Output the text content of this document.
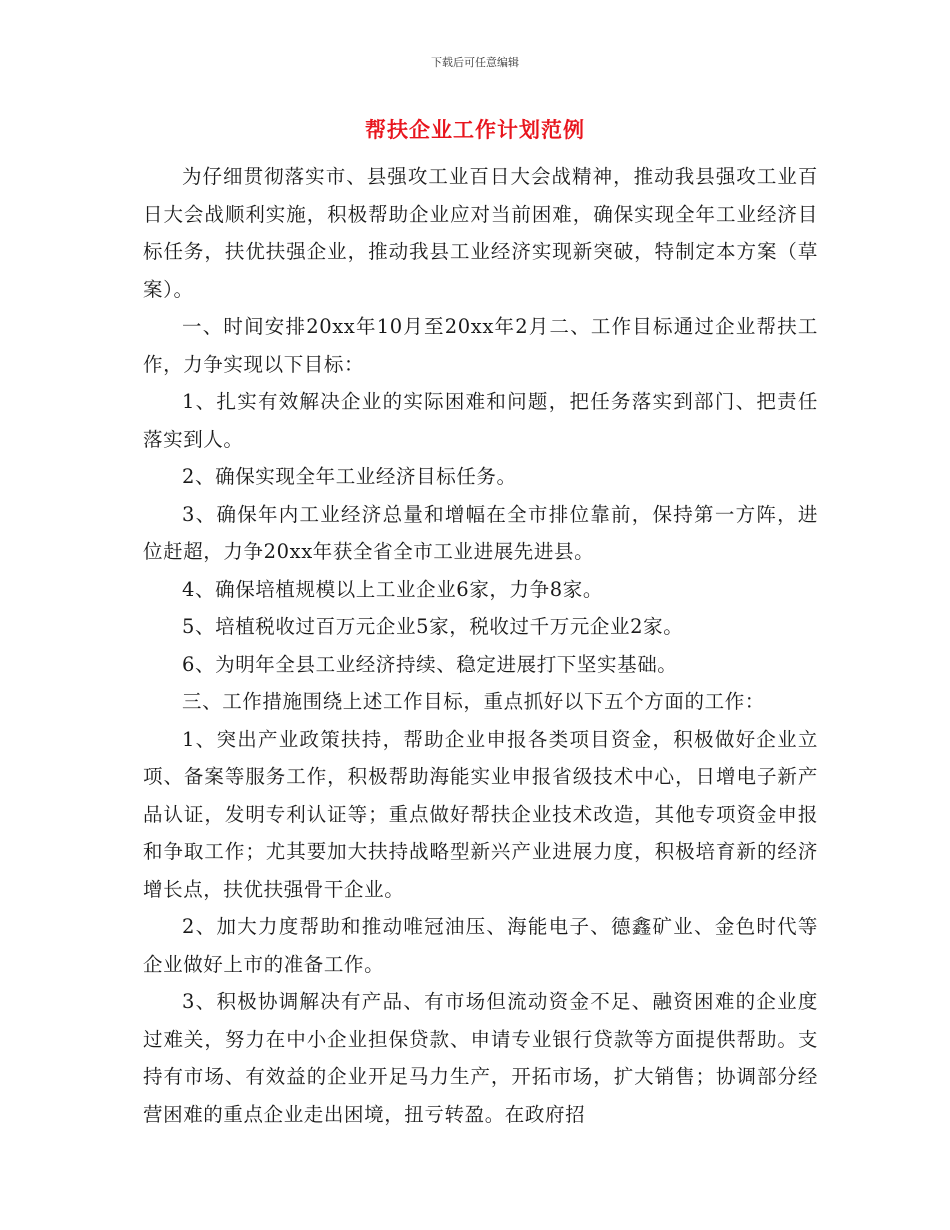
下载后可任意编辑
帮扶企业工作计划范例

为仔细贯彻落实市、县强攻工业百日大会战精神，推动我县强攻工业百日大会战顺利实施，积极帮助企业应对当前困难，确保实现全年工业经济目标任务，扶优扶强企业，推动我县工业经济实现新突破，特制定本方案（草案）。

一、时间安排20xx年10月至20xx年2月二、工作目标通过企业帮扶工作，力争实现以下目标：

1、扎实有效解决企业的实际困难和问题，把任务落实到部门、把责任落实到人。

2、确保实现全年工业经济目标任务。

3、确保年内工业经济总量和增幅在全市排位靠前，保持第一方阵，进位赶超，力争20xx年获全省全市工业进展先进县。

4、确保培植规模以上工业企业6家，力争8家。

5、培植税收过百万元企业5家，税收过千万元企业2家。

6、为明年全县工业经济持续、稳定进展打下坚实基础。

三、工作措施围绕上述工作目标，重点抓好以下五个方面的工作：

1、突出产业政策扶持，帮助企业申报各类项目资金，积极做好企业立项、备案等服务工作，积极帮助海能实业申报省级技术中心，日增电子新产品认证，发明专利认证等；重点做好帮扶企业技术改造，其他专项资金申报和争取工作；尤其要加大扶持战略型新兴产业进展力度，积极培育新的经济增长点，扶优扶强骨干企业。

2、加大力度帮助和推动唯冠油压、海能电子、德鑫矿业、金色时代等企业做好上市的准备工作。

3、积极协调解决有产品、有市场但流动资金不足、融资困难的企业度过难关，努力在中小企业担保贷款、申请专业银行贷款等方面提供帮助。支持有市场、有效益的企业开足马力生产，开拓市场，扩大销售；协调部分经营困难的重点企业走出困境，扭亏转盈。在政府招
